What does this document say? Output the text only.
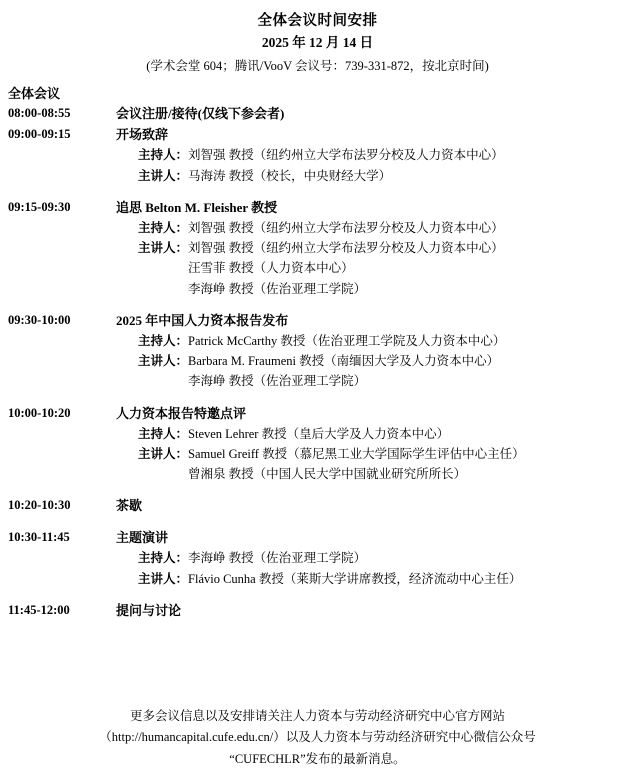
全体会议时间安排
2025 年 12 月 14 日
(学术会堂 604；腾讯/VooV 会议号：739-331-872，按北京时间)
全体会议
08:00-08:55	会议注册/接待(仅线下参会者)
09:00-09:15	开场致辞
主持人： 刘智强 教授（纽约州立大学布法罗分校及人力资本中心）
主讲人： 马海涛 教授（校长，中央财经大学）
09:15-09:30	追思 Belton M. Fleisher 教授
主持人： 刘智强 教授（纽约州立大学布法罗分校及人力资本中心）
主讲人： 刘智强 教授（纽约州立大学布法罗分校及人力资本中心）
汪雪菲 教授（人力资本中心）
李海峥 教授（佐治亚理工学院）
09:30-10:00	2025 年中国人力资本报告发布
主持人： Patrick McCarthy 教授（佐治亚理工学院及人力资本中心）
主讲人： Barbara M. Fraumeni 教授（南缅因大学及人力资本中心）
李海峥 教授（佐治亚理工学院）
10:00-10:20	人力资本报告特邀点评
主持人： Steven Lehrer 教授（皇后大学及人力资本中心）
主讲人： Samuel Greiff 教授（慕尼黑工业大学国际学生评估中心主任）
曾湘泉 教授（中国人民大学中国就业研究所所长）
10:20-10:30	茶歇
10:30-11:45	主题演讲
主持人： 李海峥 教授（佐治亚理工学院）
主讲人： Flávio Cunha 教授（莱斯大学讲席教授，经济流动中心主任）
11:45-12:00	提问与讨论
更多会议信息以及安排请关注人力资本与劳动经济研究中心官方网站
（http://humancapital.cufe.edu.cn/）以及人力资本与劳动经济研究中心微信公众号
“CUFECHLR”发布的最新消息。
